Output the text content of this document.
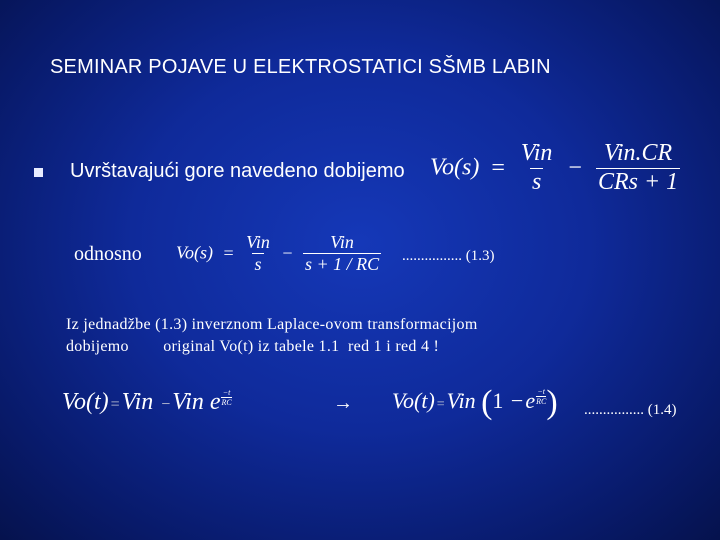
SEMINAR POJAVE U ELEKTROSTATICI SŠMB LABIN
Uvrštavajući gore navedeno dobijemo $Vo(s) = \frac{\text{Vin}}{s} - \frac{\text{Vin.CR}}{\text{CRs + 1}}$
odnosno $Vo(s) = \frac{\text{Vin}}{s} - \frac{\text{Vin}}{s + 1 / RC}$ ................ (1.3)
Iz jednadžbe (1.3) inverznom Laplace-ovom transformacijom
dobijemo        original Vo(t) iz tabele 1.1  red 1 i red 4 !
Vo(t) =Vin −Vin e $\frac{-t}{RC}$	→ Vo(t) =Vin ($1 -e \frac{-t}{RC}$ ) ................ (1.4)
